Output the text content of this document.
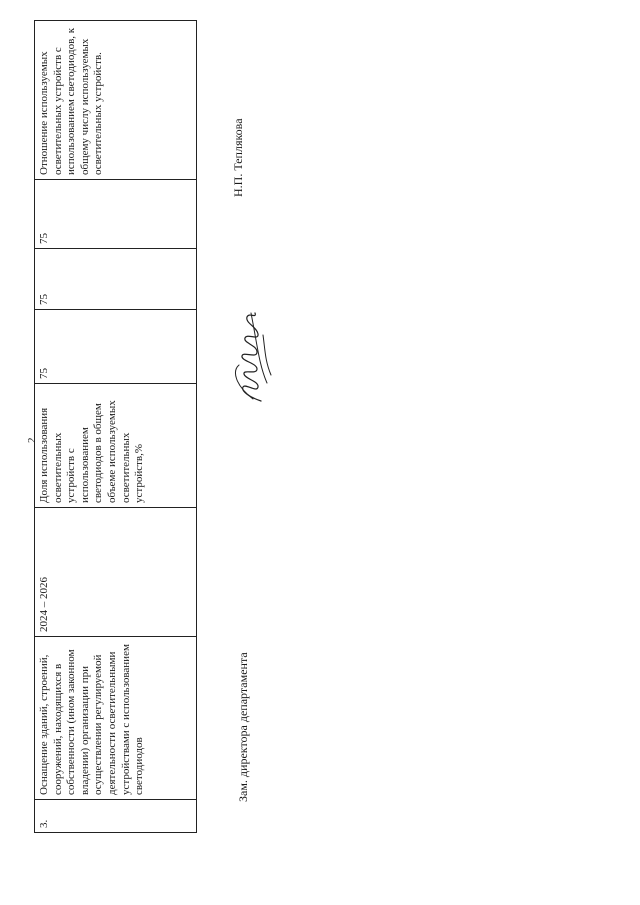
2
3.	Оснащение зданий, строений, сооружений, находящихся в собственности (ином законном владении) организации при осуществлении регулируемой деятельности осветительными устройствами с использованием светодиодов	2024 – 2026	Доля использования осветительных устройств с использованием светодиодов в общем объеме используемых осветительных устройств,%	75	75	75	Отношение используемых осветительных устройств с использованием светодиодов, к общему числу используемых осветительных устройств.
Зам. директора департамента
Н.П. Теплякова
